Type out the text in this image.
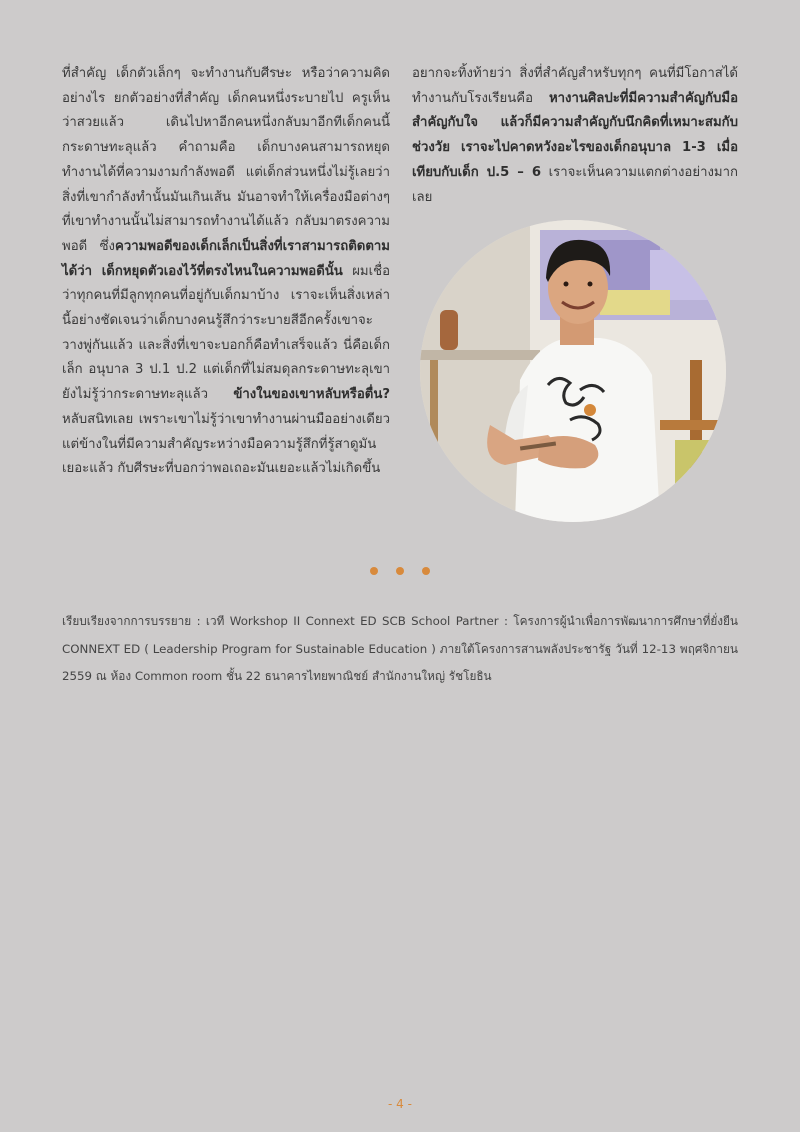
ที่สำคัญ เด็กตัวเล็กๆ จะทำงานกับศีรษะ หรือว่าความคิดอย่างไร ยกตัวอย่างที่สำคัญ เด็กคนหนึ่งระบายไป ครูเห็นว่าสวยแล้ว เดินไปหาอีกคนหนึ่งกลับมาอีกทีเด็กคนนี้กระดาษทะลุแล้ว คำถามคือ เด็กบางคนสามารถหยุดทำงานได้ที่ความงามกำลังพอดี แต่เด็กส่วนหนึ่งไม่รู้เลยว่าสิ่งที่เขากำลังทำนั้นมันเกินเส้น มันอาจทำให้เครื่องมือต่างๆ ที่เขาทำงานนั้นไม่สามารถทำงานได้แล้ว กลับมาตรงความพอดี ซึ่งความพอดีของเด็กเล็กเป็นสิ่งที่เราสามารถติดตามได้ว่า เด็กหยุดตัวเองไว้ที่ตรงไหนในความพอดีนั้น ผมเชื่อว่าทุกคนที่มีลูกทุกคนที่อยู่กับเด็กมาบ้าง เราจะเห็นสิ่งเหล่านี้อย่างชัดเจนว่าเด็กบางคนรู้สึกว่าระบายสีอีกครั้งเขาจะวางพู่กันแล้ว และสิ่งที่เขาจะบอกก็คือทำเสร็จแล้ว นี่คือเด็กเล็ก อนุบาล 3 ป.1 ป.2 แต่เด็กที่ไม่สมดุลกระดาษทะลุเขายังไม่รู้ว่ากระดาษทะลุแล้ว ข้างในของเขาหลับหรือตื่น? หลับสนิทเลย เพราะเขาไม่รู้ว่าเขาทำงานผ่านมืออย่างเดียว แต่ข้างในที่มีความสำคัญระหว่างมือความรู้สึกที่รู้สาดูมันเยอะแล้ว กับศีรษะที่บอกว่าพอเถอะมันเยอะแล้วไม่เกิดขึ้น
อยากจะทิ้งท้ายว่า สิ่งที่สำคัญสำหรับทุกๆ คนที่มีโอกาสได้ทำงานกับโรงเรียนคือ หางานศิลปะที่มีความสำคัญกับมือ สำคัญกับใจ แล้วก็มีความสำคัญกับนึกคิดที่เหมาะสมกับช่วงวัย เราจะไปคาดหวังอะไรของเด็กอนุบาล 1-3 เมื่อเทียบกับเด็ก ป.5 – 6 เราจะเห็นความแตกต่างอย่างมากเลย
เรียบเรียงจากการบรรยาย : เวที Workshop II Connext ED SCB School Partner : โครงการผู้นำเพื่อการพัฒนาการศึกษาที่ยั่งยืน CONNEXT ED ( Leadership Program for Sustainable Education ) ภายใต้โครงการสานพลังประชารัฐ วันที่ 12-13 พฤศจิกายน 2559 ณ ห้อง Common room ชั้น 22 ธนาคารไทยพาณิชย์ สำนักงานใหญ่ รัชโยธิน
- 4 -
